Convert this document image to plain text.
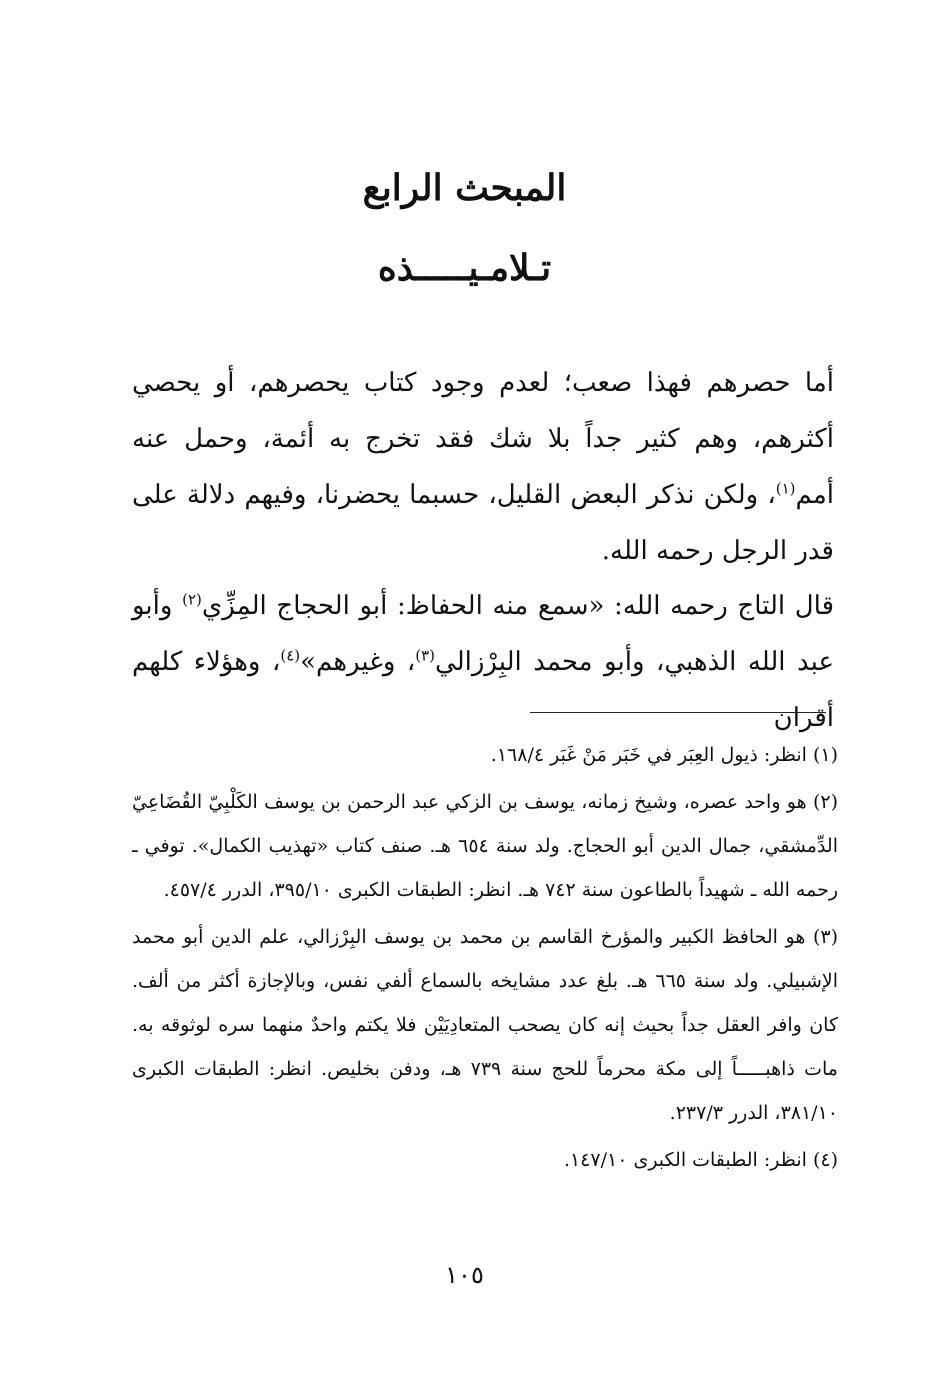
المبحث الرابع
تـلامـيـــــذه

أما حصرهم فهذا صعب؛ لعدم وجود كتاب يحصرهم، أو يحصي أكثرهم، وهم كثير جداً بلا شك فقد تخرج به أئمة، وحمل عنه أمم$^{(١)}$، ولكن نذكر البعض القليل، حسبما يحضرنا، وفيهم دلالة على قدر الرجل رحمه الله.

قال التاج رحمه الله: «سمع منه الحفاظ: أبو الحجاج المِزِّي$^{(٢)}$ وأبو عبد الله الذهبي، وأبو محمد البِرْزالي$^{(٣)}$، وغيرهم»$^{(٤)}$، وهؤلاء كلهم أقران

(١) انظر: ذيول العِبَر في خَبَر مَنْ غَبَر ١٦٨/٤.
(٢) هو واحد عصره، وشيخ زمانه، يوسف بن الزكي عبد الرحمن بن يوسف الكَلْبِيّ القُضَاعِيّ الدِّمشقي، جمال الدين أبو الحجاج. ولد سنة ٦٥٤ هـ. صنف كتاب «تهذيب الكمال». توفي ـ رحمه الله ـ شهيداً بالطاعون سنة ٧٤٢ هـ. انظر: الطبقات الكبرى ٣٩٥/١٠، الدرر ٤٥٧/٤.
(٣) هو الحافظ الكبير والمؤرخ القاسم بن محمد بن يوسف البِرْزالي، علم الدين أبو محمد الإشبيلي. ولد سنة ٦٦٥ هـ. بلغ عدد مشايخه بالسماع ألفي نفس، وبالإجازة أكثر من ألف. كان وافر العقل جداً بحيث إنه كان يصحب المتعادِيَيْن فلا يكتم واحدٌ منهما سره لوثوقه به. مات ذاهبـــــاً إلى مكة محرماً للحج سنة ٧٣٩ هـ، ودفن بخليص. انظر: الطبقات الكبرى ٣٨١/١٠، الدرر ٢٣٧/٣.
(٤) انظر: الطبقات الكبرى ١٤٧/١٠.

١٠٥
